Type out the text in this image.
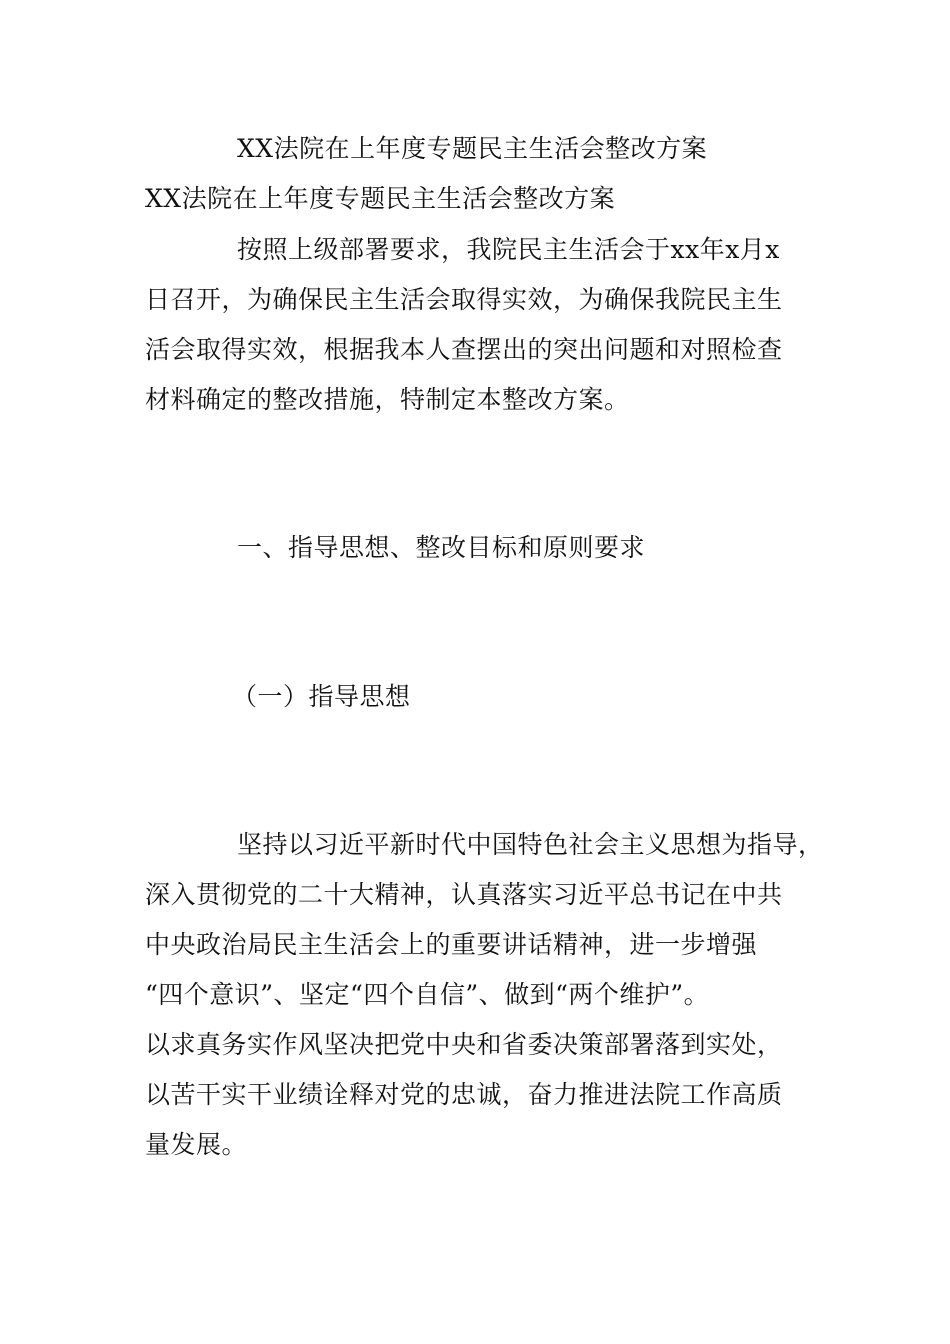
XX法院在上年度专题民主生活会整改方案
XX法院在上年度专题民主生活会整改方案
按照上级部署要求，我院民主生活会于xx年x月x
日召开，为确保民主生活会取得实效，为确保我院民主生
活会取得实效，根据我本人查摆出的突出问题和对照检查
材料确定的整改措施，特制定本整改方案。
一、指导思想、整改目标和原则要求
（一）指导思想
坚持以习近平新时代中国特色社会主义思想为指导，
深入贯彻党的二十大精神，认真落实习近平总书记在中共
中央政治局民主生活会上的重要讲话精神，进一步增强
“四个意识”、坚定“四个自信”、做到“两个维护”。
以求真务实作风坚决把党中央和省委决策部署落到实处，
以苦干实干业绩诠释对党的忠诚，奋力推进法院工作高质
量发展。
